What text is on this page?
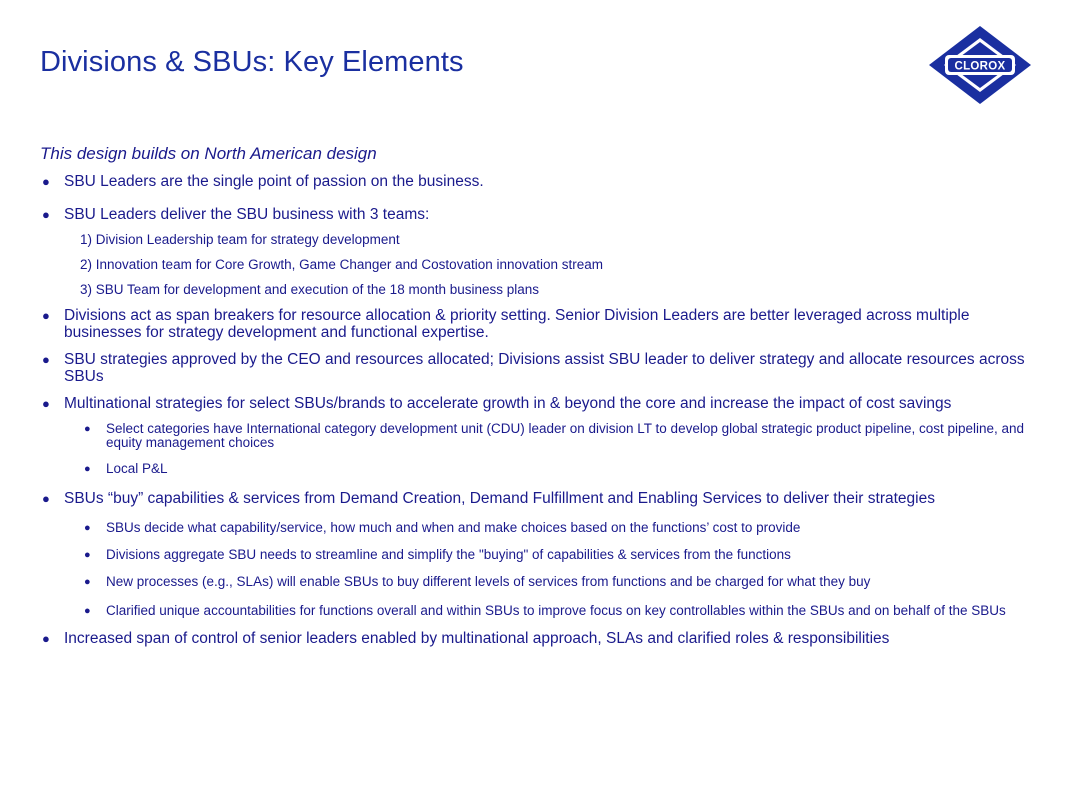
Divisions & SBUs: Key Elements	CLOROX

This design builds on North American design

● SBU Leaders are the single point of passion on the business.
● SBU Leaders deliver the SBU business with 3 teams:
1) Division Leadership team for strategy development
2) Innovation team for Core Growth, Game Changer and Costovation innovation stream
3) SBU Team for development and execution of the 18 month business plans
● Divisions act as span breakers for resource allocation & priority setting. Senior Division Leaders are better leveraged across multiple businesses for strategy development and functional expertise.
● SBU strategies approved by the CEO and resources allocated; Divisions assist SBU leader to deliver strategy and allocate resources across SBUs
● Multinational strategies for select SBUs/brands to accelerate growth in & beyond the core and increase the impact of cost savings
● Select categories have International category development unit (CDU) leader on division LT to develop global strategic product pipeline, cost pipeline, and equity management choices
● Local P&L
● SBUs “buy” capabilities & services from Demand Creation, Demand Fulfillment and Enabling Services to deliver their strategies
● SBUs decide what capability/service, how much and when and make choices based on the functions’ cost to provide
● Divisions aggregate SBU needs to streamline and simplify the "buying" of capabilities & services from the functions
● New processes (e.g., SLAs) will enable SBUs to buy different levels of services from functions and be charged for what they buy
● Clarified unique accountabilities for functions overall and within SBUs to improve focus on key controllables within the SBUs and on behalf of the SBUs
● Increased span of control of senior leaders enabled by multinational approach, SLAs and clarified roles & responsibilities
